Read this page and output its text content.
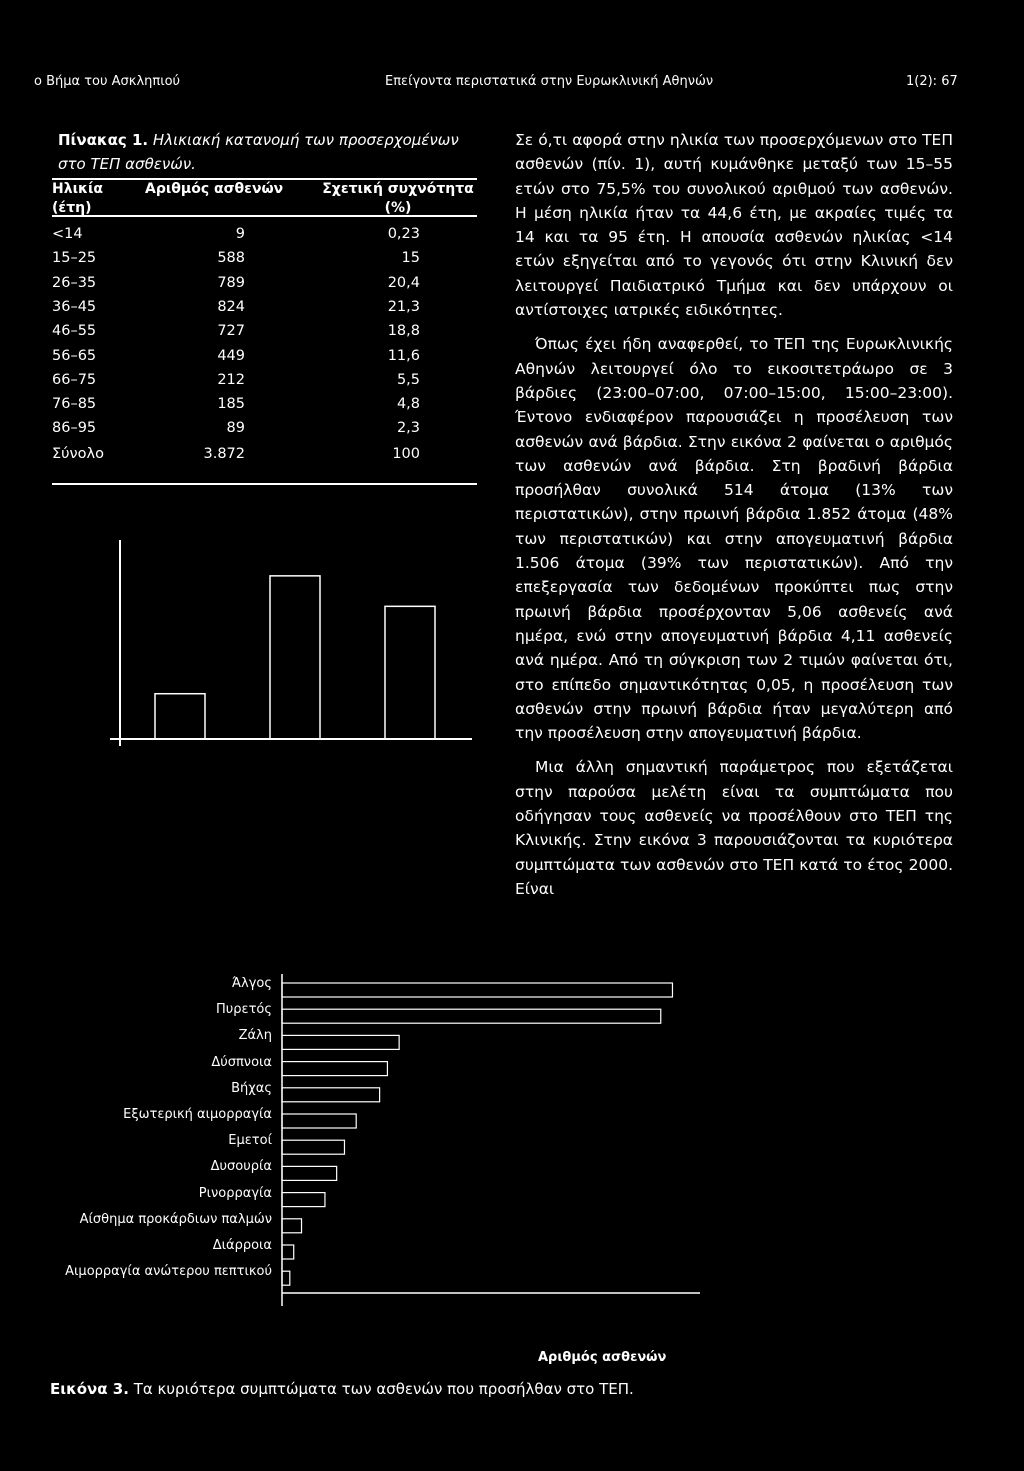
ο Βήμα του Ασκληπιού	Επείγοντα περιστατικά στην Ευρωκλινική Αθηνών	1(2): 67
Πίνακας 1. Ηλικιακή κατανομή των προσερχομένων στο ΤΕΠ ασθενών.
Ηλικία
(έτη)
Αριθμός ασθενών	Σχετική συχνότητα
(%)
<14	9	0,23
15–25	588	15
26–35	789	20,4
36–45	824	21,3
46–55	727	18,8
56–65	449	11,6
66–75	212	5,5
76–85	185	4,8
86–95	89	2,3
Σύνολο	3.872	100

Σε ό,τι αφορά στην ηλικία των προσερχόμενων στο ΤΕΠ ασθενών (πίν. 1), αυτή κυμάνθηκε μεταξύ των 15–55 ετών στο 75,5% του συνολικού αριθμού των ασθενών. Η μέση ηλικία ήταν τα 44,6 έτη, με ακραίες τιμές τα 14 και τα 95 έτη. Η απουσία ασθενών ηλικίας <14 ετών εξηγείται από το γεγονός ότι στην Κλινική δεν λειτουργεί Παιδιατρικό Τμήμα και δεν υπάρχουν οι αντίστοιχες ιατρικές ειδικότητες.

Όπως έχει ήδη αναφερθεί, το ΤΕΠ της Ευρωκλινικής Αθηνών λειτουργεί όλο το εικοσιτετράωρο σε 3 βάρδιες (23:00–07:00, 07:00–15:00, 15:00–23:00). Έντονο ενδιαφέρον παρουσιάζει η προσέλευση των ασθενών ανά βάρδια. Στην εικόνα 2 φαίνεται ο αριθμός των ασθενών ανά βάρδια. Στη βραδινή βάρδια προσήλθαν συνολικά 514 άτομα (13% των περιστατικών), στην πρωινή βάρδια 1.852 άτομα (48% των περιστατικών) και στην απογευματινή βάρδια 1.506 άτομα (39% των περιστατικών). Από την επεξεργασία των δεδομένων προκύπτει πως στην πρωινή βάρδια προσέρχονταν 5,06 ασθενείς ανά ημέρα, ενώ στην απογευματινή βάρδια 4,11 ασθενείς ανά ημέρα. Από τη σύγκριση των 2 τιμών φαίνεται ότι, στο επίπεδο σημαντικότητας 0,05, η προσέλευση των ασθενών στην πρωινή βάρδια ήταν μεγαλύτερη από την προσέλευση στην απογευματινή βάρδια.

Μια άλλη σημαντική παράμετρος που εξετάζεται στην παρούσα μελέτη είναι τα συμπτώματα που οδήγησαν τους ασθενείς να προσέλθουν στο ΤΕΠ της Κλινικής. Στην εικόνα 3 παρουσιάζονται τα κυριότερα συμπτώματα των ασθενών στο ΤΕΠ κατά το έτος 2000. Είναι

Άλγος
Πυρετός
Ζάλη
Δύσπνοια
Βήχας
Εξωτερική αιμορραγία
Εμετοί
Δυσουρία
Ρινορραγία
Αίσθημα προκάρδιων παλμών
Διάρροια
Αιμορραγία ανώτερου πεπτικού
Αριθμός ασθενών
Εικόνα 3. Τα κυριότερα συμπτώματα των ασθενών που προσήλθαν στο ΤΕΠ.
